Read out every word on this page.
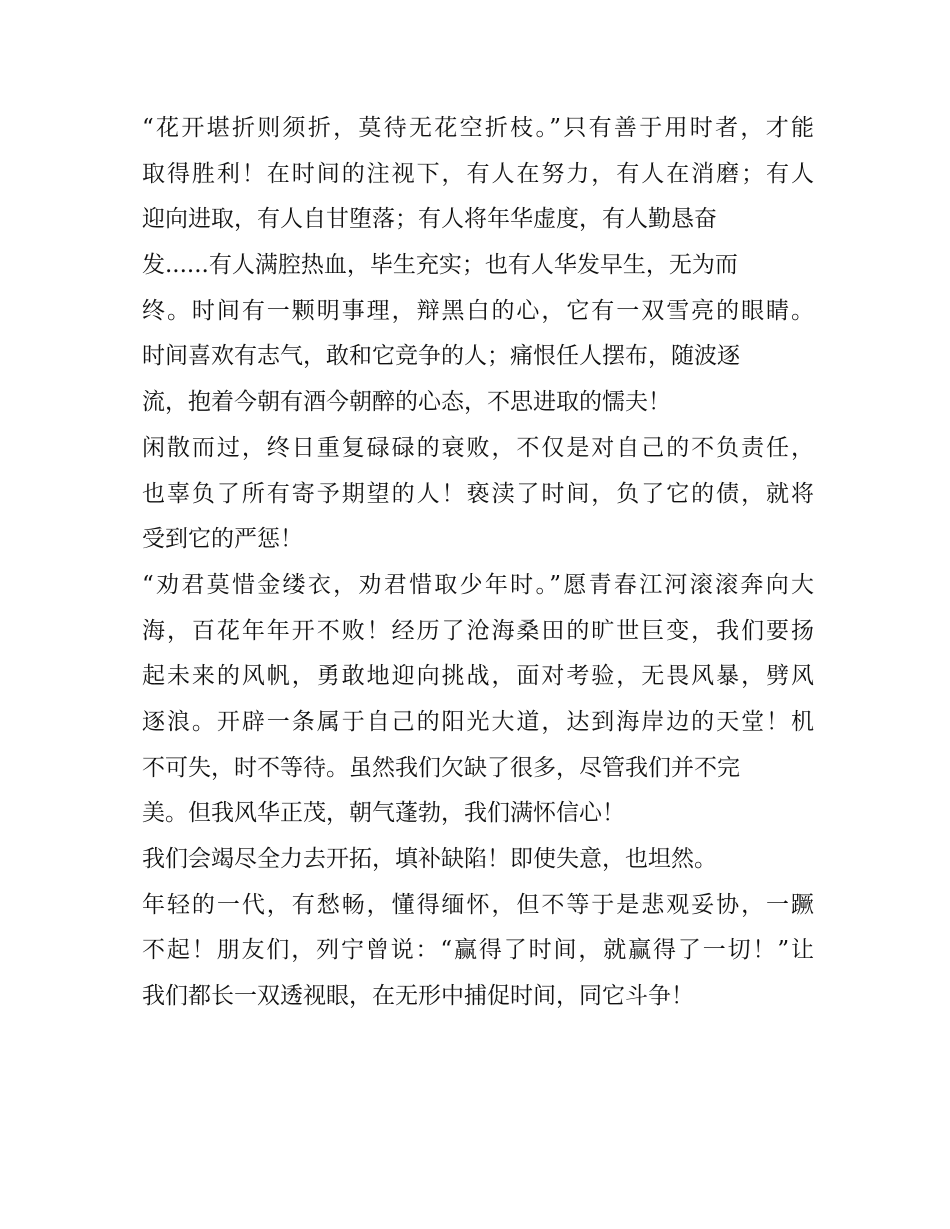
“花开堪折则须折，莫待无花空折枝。”只有善于用时者，才能
取得胜利！在时间的注视下，有人在努力，有人在消磨；有人
迎向进取，有人自甘堕落；有人将年华虚度，有人勤恳奋
发......有人满腔热血，毕生充实；也有人华发早生，无为而
终。时间有一颗明事理，辩黑白的心，它有一双雪亮的眼睛。
时间喜欢有志气，敢和它竞争的人；痛恨任人摆布，随波逐
流，抱着今朝有酒今朝醉的心态，不思进取的懦夫！
闲散而过，终日重复碌碌的衰败，不仅是对自己的不负责任，
也辜负了所有寄予期望的人！亵渎了时间，负了它的债，就将
受到它的严惩！
“劝君莫惜金缕衣，劝君惜取少年时。”愿青春江河滚滚奔向大
海，百花年年开不败！经历了沧海桑田的旷世巨变，我们要扬
起未来的风帆，勇敢地迎向挑战，面对考验，无畏风暴，劈风
逐浪。开辟一条属于自己的阳光大道，达到海岸边的天堂！机
不可失，时不等待。虽然我们欠缺了很多，尽管我们并不完
美。但我风华正茂，朝气蓬勃，我们满怀信心！
我们会竭尽全力去开拓，填补缺陷！即使失意，也坦然。
年轻的一代，有愁畅，懂得缅怀，但不等于是悲观妥协，一蹶
不起！朋友们，列宁曾说：“赢得了时间，就赢得了一切！”让
我们都长一双透视眼，在无形中捕促时间，同它斗争！
